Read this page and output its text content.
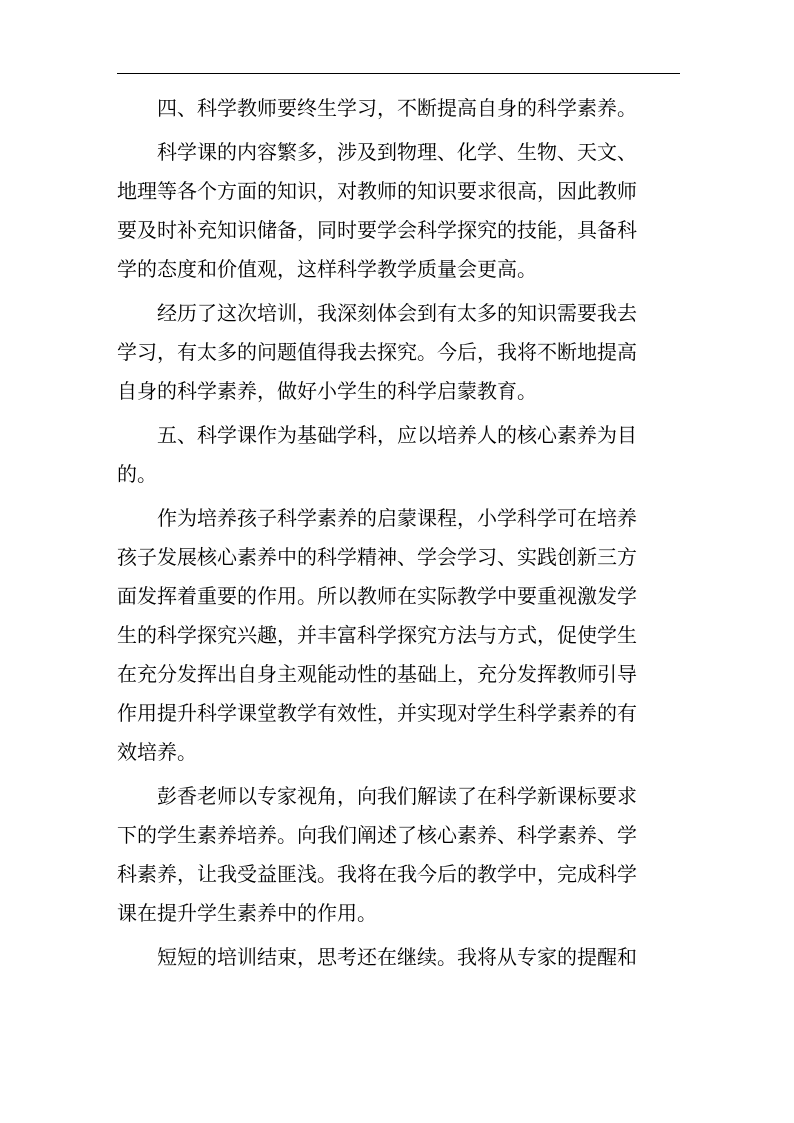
四、科学教师要终生学习，不断提高自身的科学素养。
科学课的内容繁多，涉及到物理、化学、生物、天文、
地理等各个方面的知识，对教师的知识要求很高，因此教师
要及时补充知识储备，同时要学会科学探究的技能，具备科
学的态度和价值观，这样科学教学质量会更高。
经历了这次培训，我深刻体会到有太多的知识需要我去
学习，有太多的问题值得我去探究。今后，我将不断地提高
自身的科学素养，做好小学生的科学启蒙教育。
五、科学课作为基础学科，应以培养人的核心素养为目
的。
作为培养孩子科学素养的启蒙课程，小学科学可在培养
孩子发展核心素养中的科学精神、学会学习、实践创新三方
面发挥着重要的作用。所以教师在实际教学中要重视激发学
生的科学探究兴趣，并丰富科学探究方法与方式，促使学生
在充分发挥出自身主观能动性的基础上，充分发挥教师引导
作用提升科学课堂教学有效性，并实现对学生科学素养的有
效培养。
彭香老师以专家视角，向我们解读了在科学新课标要求
下的学生素养培养。向我们阐述了核心素养、科学素养、学
科素养，让我受益匪浅。我将在我今后的教学中，完成科学
课在提升学生素养中的作用。
短短的培训结束，思考还在继续。我将从专家的提醒和
